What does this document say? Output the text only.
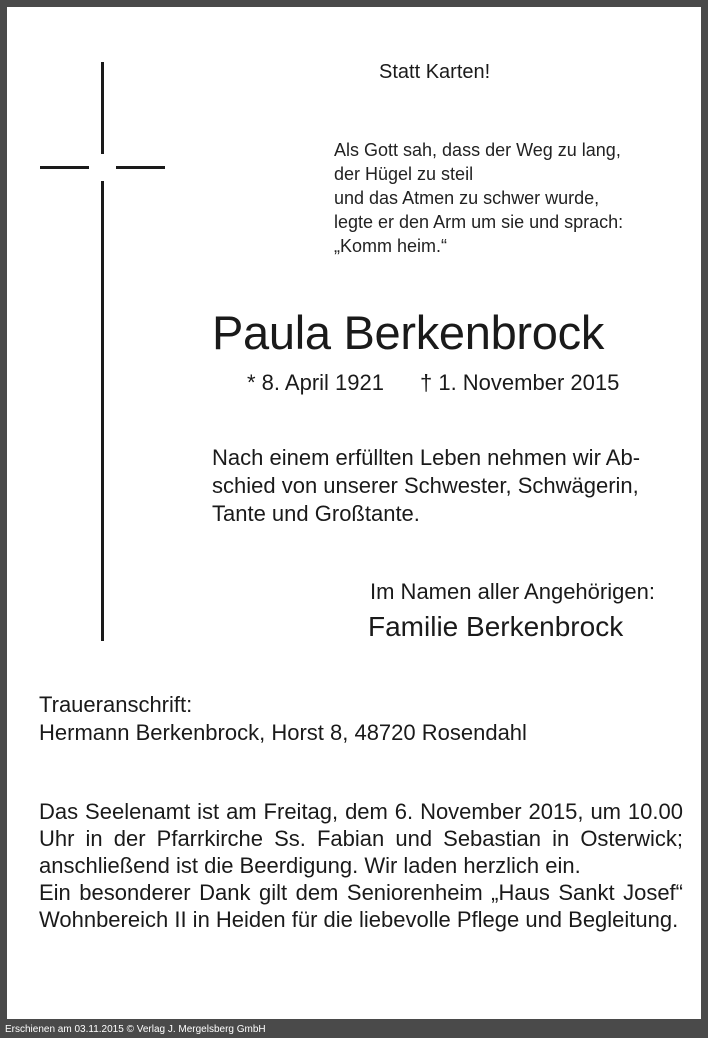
Statt Karten!

Als Gott sah, dass der Weg zu lang,
der Hügel zu steil
und das Atmen zu schwer wurde,
legte er den Arm um sie und sprach:
„Komm heim.“

Paula Berkenbrock

* 8. April 1921 † 1. November 2015

Nach einem erfüllten Leben nehmen wir Ab-
schied von unserer Schwester, Schwägerin,
Tante und Großtante.

Im Namen aller Angehörigen:

Familie Berkenbrock

Traueranschrift:

Hermann Berkenbrock, Horst 8, 48720 Rosendahl

Das Seelenamt ist am Freitag, dem 6. November 2015, um 10.00 Uhr in der Pfarrkirche Ss. Fabian und Sebastian in Osterwick; anschließend ist die Beerdigung. Wir laden herzlich ein.

Ein besonderer Dank gilt dem Seniorenheim „Haus Sankt Josef“ Wohnbereich II in Heiden für die liebevolle Pflege und Begleitung.

Erschienen am 03.11.2015 © Verlag J. Mergelsberg GmbH
